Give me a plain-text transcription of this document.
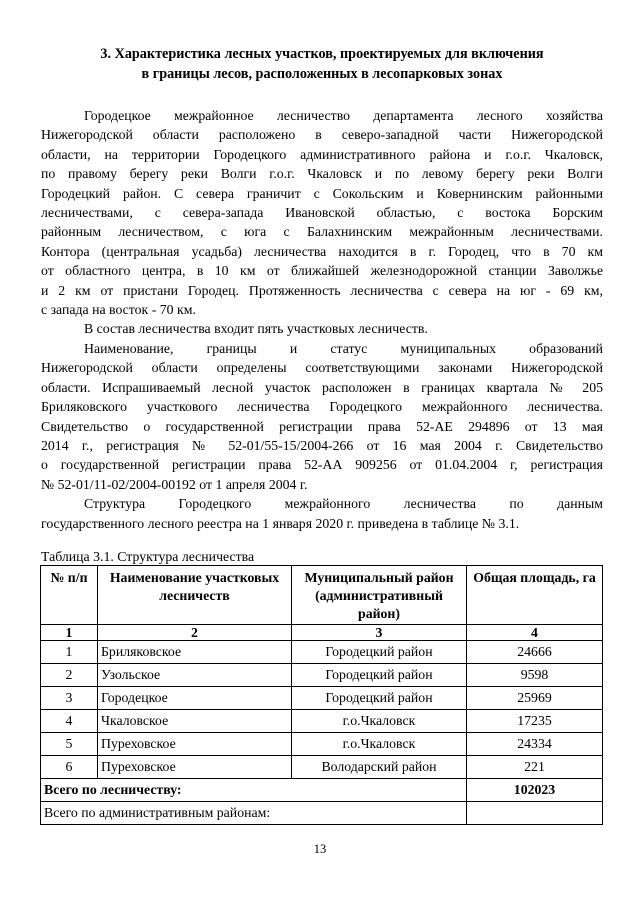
3. Характеристика лесных участков, проектируемых для включения
в границы лесов, расположенных в лесопарковых зонах
Городецкое межрайонное лесничество департамента лесного хозяйства
Нижегородской области расположено в северо-западной части Нижегородской
области, на территории Городецкого административного района и г.о.г. Чкаловск,
по правому берегу реки Волги г.о.г. Чкаловск и по левому берегу реки Волги
Городецкий район. С севера граничит с Сокольским и Ковернинским районными
лесничествами, с севера-запада Ивановской областью, с востока Борским
районным лесничеством, с юга с Балахнинским межрайонным лесничествами.
Контора (центральная усадьба) лесничества находится в г. Городец, что в 70 км
от областного центра, в 10 км от ближайшей железнодорожной станции Заволжье
и 2 км от пристани Городец. Протяженность лесничества с севера на юг - 69 км,
с запада на восток - 70 км.
В состав лесничества входит пять участковых лесничеств.
Наименование, границы и статус муниципальных образований
Нижегородской области определены соответствующими законами Нижегородской
области. Испрашиваемый лесной участок расположен в границах квартала № 205
Бриляковского участкового лесничества Городецкого межрайонного лесничества.
Свидетельство о государственной регистрации права 52-АЕ 294896 от 13 мая
2014 г., регистрация № 52-01/55-15/2004-266 от 16 мая 2004 г. Свидетельство
о государственной регистрации права 52-АА 909256 от 01.04.2004 г, регистрация
№ 52-01/11-02/2004-00192 от 1 апреля 2004 г.
Структура Городецкого межрайонного лесничества по данным
государственного лесного реестра на 1 января 2020 г. приведена в таблице № 3.1.
Таблица 3.1. Структура лесничества
№ п/п	Наименование участковых лесничеств	Муниципальный район (административный район)	Общая площадь, га
1	2	3	4
1	Бриляковское	Городецкий район	24666
2	Узольское	Городецкий район	9598
3	Городецкое	Городецкий район	25969
4	Чкаловское	г.о.Чкаловск	17235
5	Пуреховское	г.о.Чкаловск	24334
6	Пуреховское	Володарский район	221
Всего по лесничеству:			102023
Всего по административным районам:			
13
